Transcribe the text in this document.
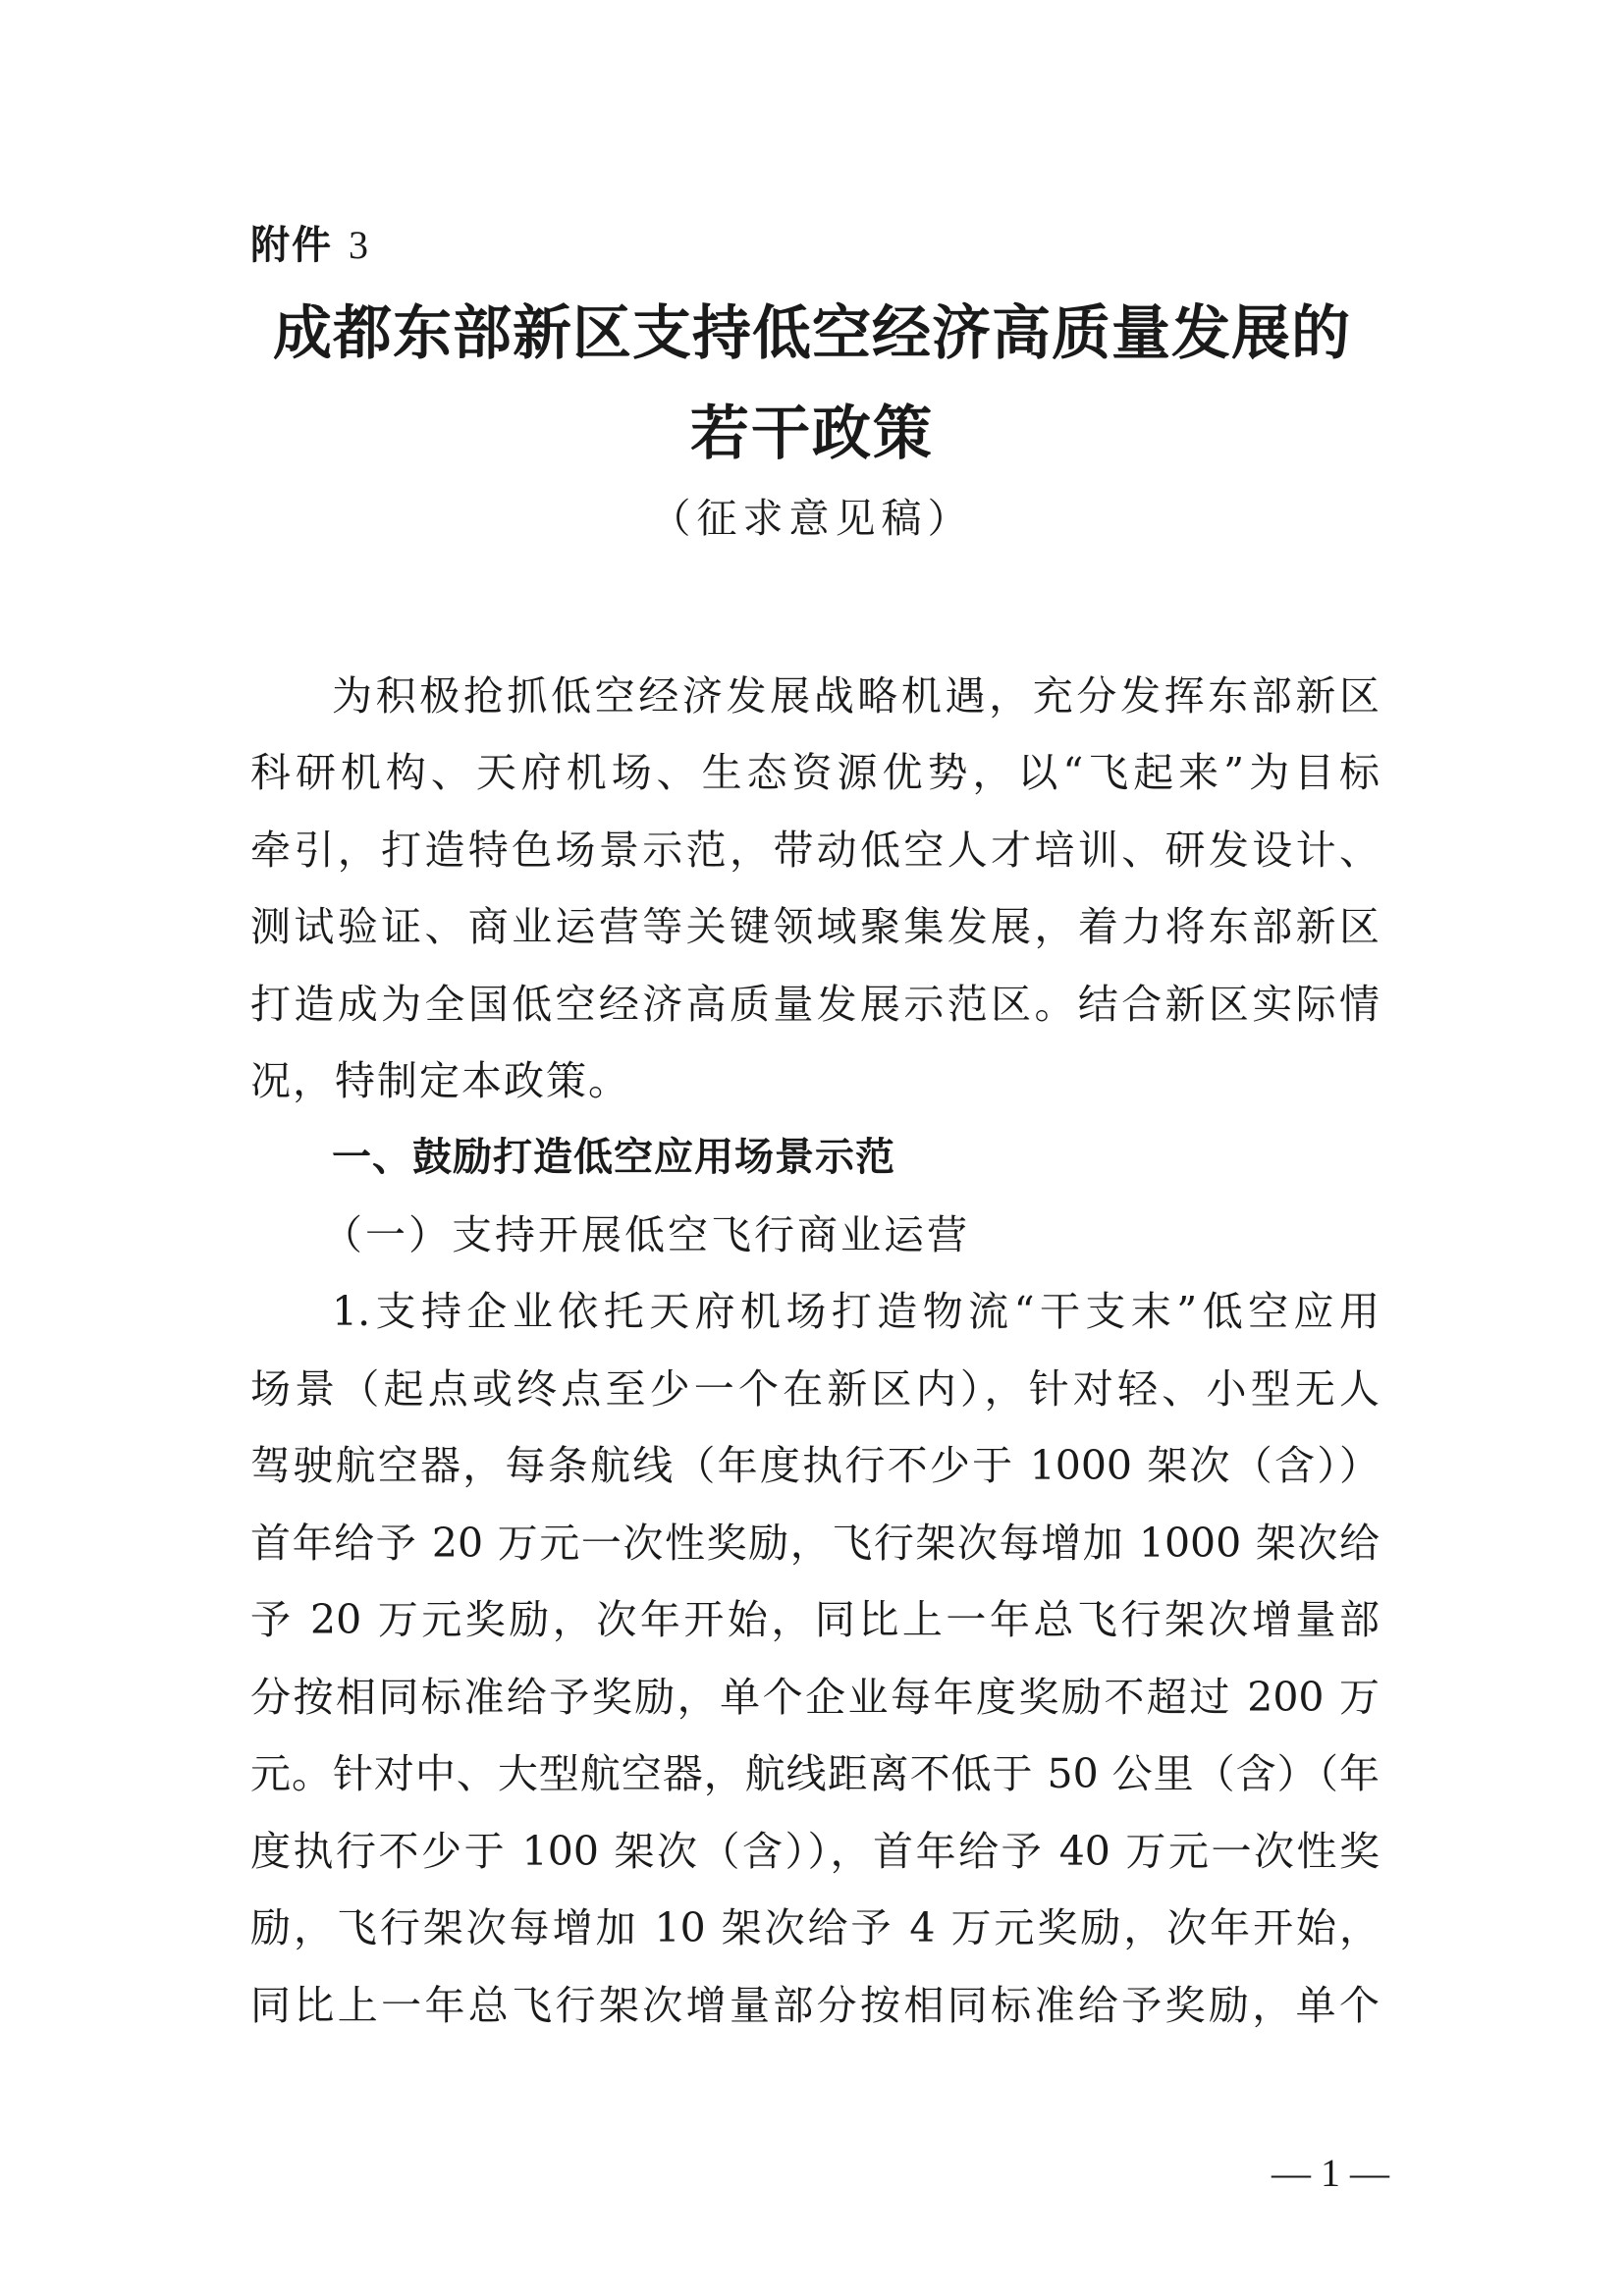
附件 3
成都东部新区支持低空经济高质量发展的
若干政策
（征求意见稿）
为积极抢抓低空经济发展战略机遇，充分发挥东部新区
科研机构、天府机场、生态资源优势，以“飞起来”为目标
牵引，打造特色场景示范，带动低空人才培训、研发设计、
测试验证、商业运营等关键领域聚集发展，着力将东部新区
打造成为全国低空经济高质量发展示范区。结合新区实际情
况，特制定本政策。
一、鼓励打造低空应用场景示范
（一）支持开展低空飞行商业运营
1.支持企业依托天府机场打造物流“干支末”低空应用
场景（起点或终点至少一个在新区内），针对轻、小型无人
驾驶航空器，每条航线（年度执行不少于 1000 架次（含））
首年给予 20 万元一次性奖励，飞行架次每增加 1000 架次给
予 20 万元奖励，次年开始，同比上一年总飞行架次增量部
分按相同标准给予奖励，单个企业每年度奖励不超过 200 万
元。针对中、大型航空器，航线距离不低于 50 公里（含）（年
度执行不少于 100 架次（含）），首年给予 40 万元一次性奖
励，飞行架次每增加 10 架次给予 4 万元奖励，次年开始，
同比上一年总飞行架次增量部分按相同标准给予奖励，单个
— 1 —
